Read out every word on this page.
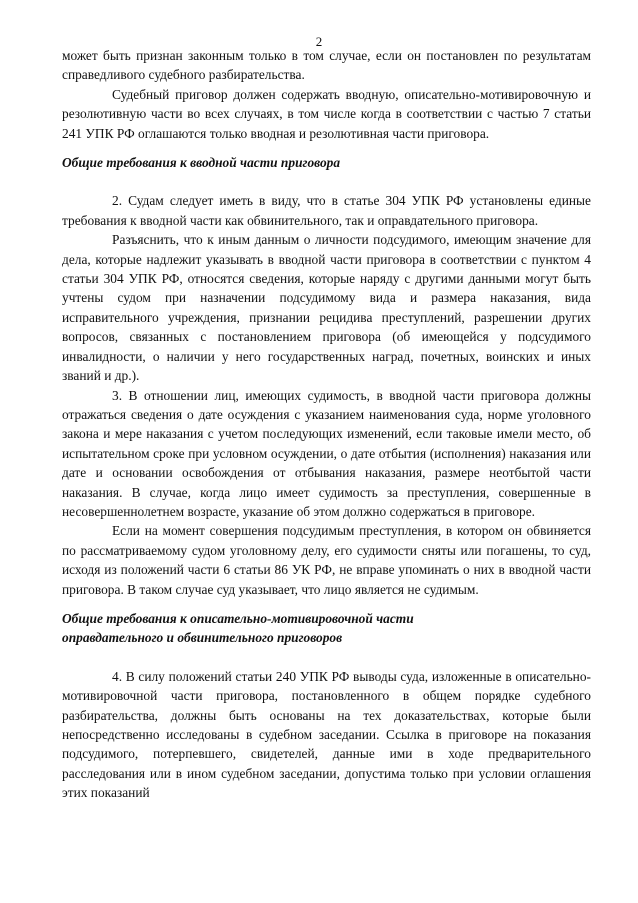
2

может быть признан законным только в том случае, если он постановлен по результатам справедливого судебного разбирательства.

Судебный приговор должен содержать вводную, описательно-мотивировочную и резолютивную части во всех случаях, в том числе когда в соответствии с частью 7 статьи 241 УПК РФ оглашаются только вводная и резолютивная части приговора.

Общие требования к вводной части приговора

2. Судам следует иметь в виду, что в статье 304 УПК РФ установлены единые требования к вводной части как обвинительного, так и оправдательного приговора.

Разъяснить, что к иным данным о личности подсудимого, имеющим значение для дела, которые надлежит указывать в вводной части приговора в соответствии с пунктом 4 статьи 304 УПК РФ, относятся сведения, которые наряду с другими данными могут быть учтены судом при назначении подсудимому вида и размера наказания, вида исправительного учреждения, признании рецидива преступлений, разрешении других вопросов, связанных с постановлением приговора (об имеющейся у подсудимого инвалидности, о наличии у него государственных наград, почетных, воинских и иных званий и др.).

3. В отношении лиц, имеющих судимость, в вводной части приговора должны отражаться сведения о дате осуждения с указанием наименования суда, норме уголовного закона и мере наказания с учетом последующих изменений, если таковые имели место, об испытательном сроке при условном осуждении, о дате отбытия (исполнения) наказания или дате и основании освобождения от отбывания наказания, размере неотбытой части наказания. В случае, когда лицо имеет судимость за преступления, совершенные в несовершеннолетнем возрасте, указание об этом должно содержаться в приговоре.

Если на момент совершения подсудимым преступления, в котором он обвиняется по рассматриваемому судом уголовному делу, его судимости сняты или погашены, то суд, исходя из положений части 6 статьи 86 УК РФ, не вправе упоминать о них в вводной части приговора. В таком случае суд указывает, что лицо является не судимым.

Общие требования к описательно-мотивировочной части

оправдательного и обвинительного приговоров

4. В силу положений статьи 240 УПК РФ выводы суда, изложенные в описательно-мотивировочной части приговора, постановленного в общем порядке судебного разбирательства, должны быть основаны на тех доказательствах, которые были непосредственно исследованы в судебном заседании. Ссылка в приговоре на показания подсудимого, потерпевшего, свидетелей, данные ими в ходе предварительного расследования или в ином судебном заседании, допустима только при условии оглашения этих показаний
